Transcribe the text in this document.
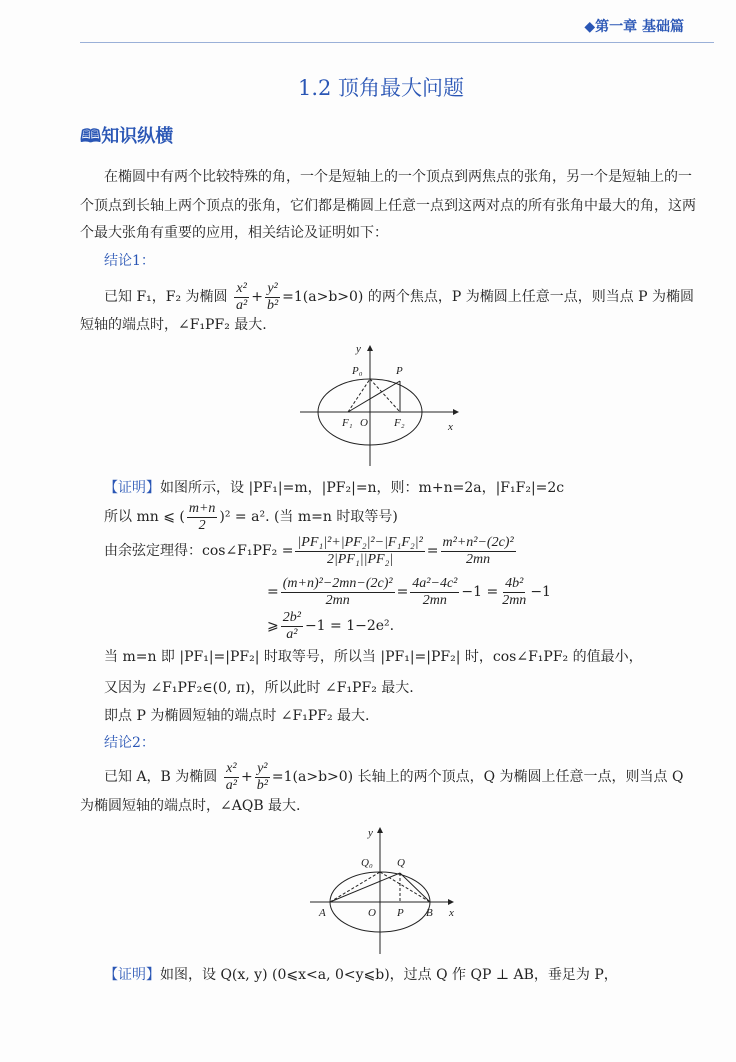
◆第一章 基础篇
1.2 顶角最大问题
🕮知识纵横
在椭圆中有两个比较特殊的角，一个是短轴上的一个顶点到两焦点的张角，另一个是短轴上的一
个顶点到长轴上两个顶点的张角，它们都是椭圆上任意一点到这两对点的所有张角中最大的角，这两
个最大张角有重要的应用，相关结论及证明如下：
结论1：
已知 F₁，F₂ 为椭圆 $\frac{\text{x²}}{\text{a²}} + \frac{\text{y²}}{\text{b²}} =1(a>b>0)$ 的两个焦点，P 为椭圆上任意一点，则当点 P 为椭圆
短轴的端点时，∠F₁PF₂ 最大.
y
P₀	P
F₁ O F₂	x
【证明】如图所示，设 |PF₁|=m，|PF₂|=n，则：m+n=2a，|F₁F₂|=2c
所以 mn ⩽ ( $\frac{m+n}{2} )^2 = a^2$. (当 m=n 时取等号)
由余弦定理得：cos∠F₁PF₂ = $\frac{\text{|PF₁|²+|PF₂|²−|F₁F₂|²}}{\text{2|PF₁||PF₂|}} = \frac{\text{m²+n²−(2c)²}}{2mn}$
= $\frac{\text{(m+n)²−2mn−(2c)²}}{2mn} = \frac{\text{4a²−4c²}}{2mn} -1 = \frac{\text{4b²}}{2mn} -1$
⩾ $\frac{\text{2b²}}{\text{a²}} -1 = 1-2e^2$.
当 m=n 即 |PF₁|=|PF₂| 时取等号，所以当 |PF₁|=|PF₂| 时，cos∠F₁PF₂ 的值最小，
又因为 ∠F₁PF₂∈(0, π)，所以此时 ∠F₁PF₂ 最大.
即点 P 为椭圆短轴的端点时 ∠F₁PF₂ 最大.
结论2：
已知 A，B 为椭圆 $\frac{\text{x²}}{\text{a²}} + \frac{\text{y²}}{\text{b²}} =1(a>b>0)$ 长轴上的两个顶点，Q 为椭圆上任意一点，则当点 Q
为椭圆短轴的端点时，∠AQB 最大.
y
Q₀ Q
A	O P B x
【证明】如图，设 Q(x, y) (0⩽x<a, 0<y⩽b)，过点 Q 作 QP ⊥ AB，垂足为 P，
